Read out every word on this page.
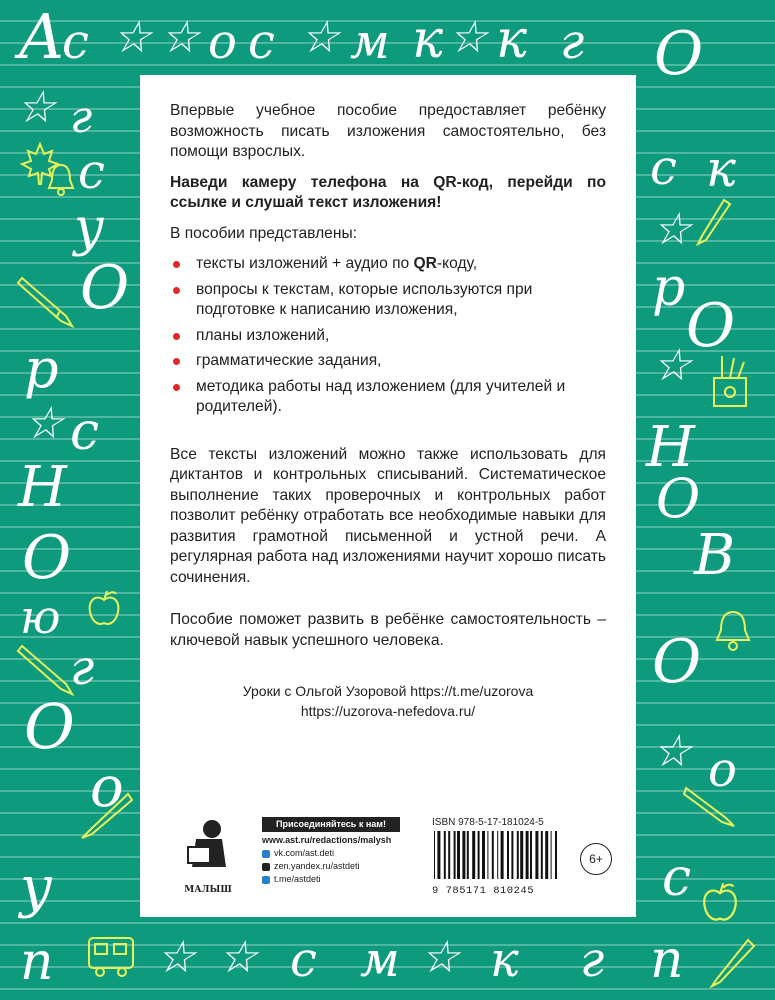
Впервые учебное пособие предоставляет ребёнку возможность писать изложения самостоятельно, без помощи взрослых.

Наведи камеру телефона на QR-код, перейди по ссылке и слушай текст изложения!

В пособии представлены:

тексты изложений + аудио по QR-коду,
вопросы к текстам, которые используются при подготовке к написанию изложения,
планы изложений,
грамматические задания,
методика работы над изложением (для учителей и родителей).

Все тексты изложений можно также использовать для диктантов и контрольных списываний. Систематическое выполнение таких проверочных и контрольных работ позволит ребёнку отработать все необходимые навыки для развития грамотной письменной и устной речи. А регулярная работа над изложениями научит хорошо писать сочинения.

Пособие поможет развить в ребёнке самостоятельность – ключевой навык успешного человека.

Уроки с Ольгой Узоровой https://t.me/uzorova

https://uzorova-nefedova.ru/

МАЛЫШ
Присоединяйтесь к нам!
www.ast.ru/redactions/malysh
vk.com/ast.deti
zen.yandex.ru/astdeti
t.me/astdeti
ISBN 978-5-17-181024-5
9 785171 810245
6+
А
с ☆ ☆ о с ☆ м к ☆ к г
п ☆ ☆ с м ☆ к г
☆ г
с
у
О
р
☆ с
Н
О
ю
г
О
о
у
О
с к
☆
р
О
☆
Н
О
В
О
☆ о
с
п
